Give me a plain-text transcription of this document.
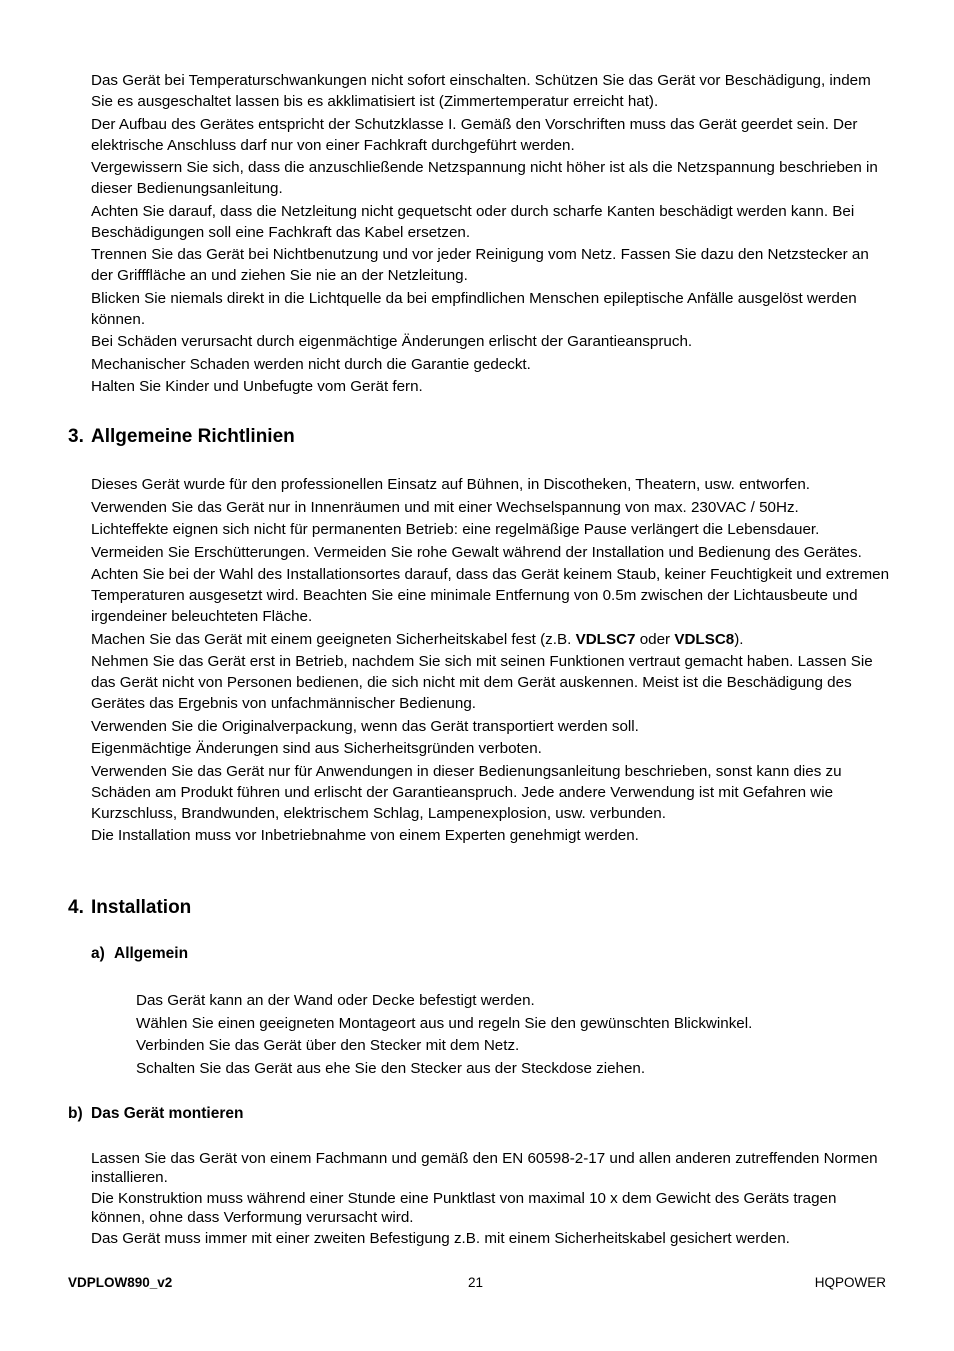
Das Gerät bei Temperaturschwankungen nicht sofort einschalten. Schützen Sie das Gerät vor Beschädigung, indem Sie es ausgeschaltet lassen bis es akklimatisiert ist (Zimmertemperatur erreicht hat).

Der Aufbau des Gerätes entspricht der Schutzklasse I. Gemäß den Vorschriften muss das Gerät geerdet sein. Der elektrische Anschluss darf nur von einer Fachkraft durchgeführt werden.

Vergewissern Sie sich, dass die anzuschließende Netzspannung nicht höher ist als die Netzspannung beschrieben in dieser Bedienungsanleitung.

Achten Sie darauf, dass die Netzleitung nicht gequetscht oder durch scharfe Kanten beschädigt werden kann. Bei Beschädigungen soll eine Fachkraft das Kabel ersetzen.

Trennen Sie das Gerät bei Nichtbenutzung und vor jeder Reinigung vom Netz. Fassen Sie dazu den Netzstecker an der Grifffläche an und ziehen Sie nie an der Netzleitung.

Blicken Sie niemals direkt in die Lichtquelle da bei empfindlichen Menschen epileptische Anfälle ausgelöst werden können.

Bei Schäden verursacht durch eigenmächtige Änderungen erlischt der Garantieanspruch.

Mechanischer Schaden werden nicht durch die Garantie gedeckt.

Halten Sie Kinder und Unbefugte vom Gerät fern.

3. Allgemeine Richtlinien

Dieses Gerät wurde für den professionellen Einsatz auf Bühnen, in Discotheken, Theatern, usw. entworfen.

Verwenden Sie das Gerät nur in Innenräumen und mit einer Wechselspannung von max. 230VAC / 50Hz.

Lichteffekte eignen sich nicht für permanenten Betrieb: eine regelmäßige Pause verlängert die Lebensdauer.

Vermeiden Sie Erschütterungen. Vermeiden Sie rohe Gewalt während der Installation und Bedienung des Gerätes.

Achten Sie bei der Wahl des Installationsortes darauf, dass das Gerät keinem Staub, keiner Feuchtigkeit und extremen Temperaturen ausgesetzt wird. Beachten Sie eine minimale Entfernung von 0.5m zwischen der Lichtausbeute und irgendeiner beleuchteten Fläche.

Machen Sie das Gerät mit einem geeigneten Sicherheitskabel fest (z.B. VDLSC7 oder VDLSC8).

Nehmen Sie das Gerät erst in Betrieb, nachdem Sie sich mit seinen Funktionen vertraut gemacht haben. Lassen Sie das Gerät nicht von Personen bedienen, die sich nicht mit dem Gerät auskennen. Meist ist die Beschädigung des Gerätes das Ergebnis von unfachmännischer Bedienung.

Verwenden Sie die Originalverpackung, wenn das Gerät transportiert werden soll.

Eigenmächtige Änderungen sind aus Sicherheitsgründen verboten.

Verwenden Sie das Gerät nur für Anwendungen in dieser Bedienungsanleitung beschrieben, sonst kann dies zu Schäden am Produkt führen und erlischt der Garantieanspruch. Jede andere Verwendung ist mit Gefahren wie Kurzschluss, Brandwunden, elektrischem Schlag, Lampenexplosion, usw. verbunden.

Die Installation muss vor Inbetriebnahme von einem Experten genehmigt werden.

4. Installation
a) Allgemein

Das Gerät kann an der Wand oder Decke befestigt werden.

Wählen Sie einen geeigneten Montageort aus und regeln Sie den gewünschten Blickwinkel.

Verbinden Sie das Gerät über den Stecker mit dem Netz.

Schalten Sie das Gerät aus ehe Sie den Stecker aus der Steckdose ziehen.

b) Das Gerät montieren

Lassen Sie das Gerät von einem Fachmann und gemäß den EN 60598-2-17 und allen anderen zutreffenden Normen installieren.

Die Konstruktion muss während einer Stunde eine Punktlast von maximal 10 x dem Gewicht des Geräts tragen können, ohne dass Verformung verursacht wird.

Das Gerät muss immer mit einer zweiten Befestigung z.B. mit einem Sicherheitskabel gesichert werden.

VDPLOW890_v2	21	HQPOWER
